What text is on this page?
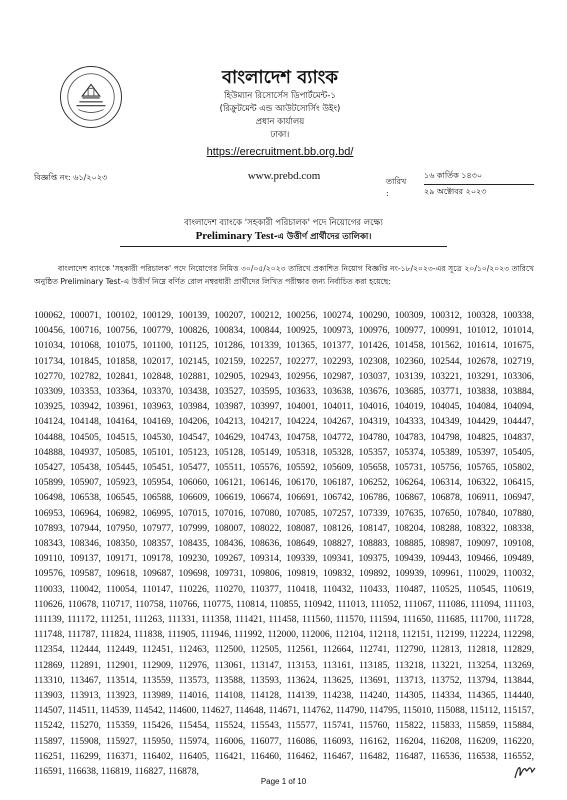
বাংলাদেশ ব্যাংক
হিউম্যান রিসোর্সেস ডিপার্টমেন্ট-১
(রিক্রুটমেন্ট এন্ড আউটসোর্সিং উইং)
প্রধান কার্যালয়
ঢাকা।
https://erecruitment.bb.org.bd/
বিজ্ঞপ্তি নং: ৬১/২০২৩	www.prebd.com	তারিখ :
১৬ কার্তিক ১৪৩০
২৯ অক্টোবর ২০২৩
বাংলাদেশ ব্যাংকে 'সহকারী পরিচালক' পদে নিয়োগের লক্ষ্যে
Preliminary Test-এ উত্তীর্ণ প্রার্থীদের তালিকা।
বাংলাদেশ ব্যাংকে 'সহকারী পরিচালক' পদে নিয়োগের নিমিত্ত ৩০/০৫/২০২৩ তারিখে প্রকাশিত নিয়োগ বিজ্ঞপ্তি নং-১৮/২০২৩-এর সূত্রে ২০/১০/২০২৩ তারিখে অনুষ্ঠিত Preliminary Test-এ উত্তীর্ণ নিম্নে বর্ণিত রোল নম্বরধারী প্রার্থীদের লিখিত পরীক্ষার জন্য নির্বাচিত করা হয়েছে:
100062, 100071, 100102, 100129, 100139, 100207, 100212, 100256, 100274, 100290, 100309, 100312, 100328, 100338, 100456, 100716, 100756, 100779, 100826, 100834, 100844, 100925, 100973, 100976, 100977, 100991, 101012, 101014, 101034, 101068, 101075, 101100, 101125, 101286, 101339, 101365, 101377, 101426, 101458, 101562, 101614, 101675, 101734, 101845, 101858, 102017, 102145, 102159, 102257, 102277, 102293, 102308, 102360, 102544, 102678, 102719, 102770, 102782, 102841, 102848, 102881, 102905, 102943, 102956, 102987, 103037, 103139, 103221, 103291, 103306, 103309, 103353, 103364, 103370, 103438, 103527, 103595, 103633, 103638, 103676, 103685, 103771, 103838, 103884, 103925, 103942, 103961, 103963, 103984, 103987, 103997, 104001, 104011, 104016, 104019, 104045, 104084, 104094, 104124, 104148, 104164, 104169, 104206, 104213, 104217, 104224, 104267, 104319, 104333, 104349, 104429, 104447, 104488, 104505, 104515, 104530, 104547, 104629, 104743, 104758, 104772, 104780, 104783, 104798, 104825, 104837, 104888, 104937, 105085, 105101, 105123, 105128, 105149, 105318, 105328, 105357, 105374, 105389, 105397, 105405, 105427, 105438, 105445, 105451, 105477, 105511, 105576, 105592, 105609, 105658, 105731, 105756, 105765, 105802, 105899, 105907, 105923, 105954, 106060, 106121, 106146, 106170, 106187, 106252, 106264, 106314, 106322, 106415, 106498, 106538, 106545, 106588, 106609, 106619, 106674, 106691, 106742, 106786, 106867, 106878, 106911, 106947, 106953, 106964, 106982, 106995, 107015, 107016, 107080, 107085, 107257, 107339, 107635, 107650, 107840, 107880, 107893, 107944, 107950, 107977, 107999, 108007, 108022, 108087, 108126, 108147, 108204, 108288, 108322, 108338, 108343, 108346, 108350, 108357, 108435, 108436, 108636, 108649, 108827, 108883, 108885, 108987, 109097, 109108, 109110, 109137, 109171, 109178, 109230, 109267, 109314, 109339, 109341, 109375, 109439, 109443, 109466, 109489, 109576, 109587, 109618, 109687, 109698, 109731, 109806, 109819, 109832, 109892, 109939, 109961, 110029, 110032, 110033, 110042, 110054, 110147, 110226, 110270, 110377, 110418, 110432, 110433, 110487, 110525, 110545, 110619, 110626, 110678, 110717, 110758, 110766, 110775, 110814, 110855, 110942, 111013, 111052, 111067, 111086, 111094, 111103, 111139, 111172, 111251, 111263, 111331, 111358, 111421, 111458, 111560, 111570, 111594, 111650, 111685, 111700, 111728, 111748, 111787, 111824, 111838, 111905, 111946, 111992, 112000, 112006, 112104, 112118, 112151, 112199, 112224, 112298, 112354, 112444, 112449, 112451, 112463, 112500, 112505, 112561, 112664, 112741, 112790, 112813, 112818, 112829, 112869, 112891, 112901, 112909, 112976, 113061, 113147, 113153, 113161, 113185, 113218, 113221, 113254, 113269, 113310, 113467, 113514, 113559, 113573, 113588, 113593, 113624, 113625, 113691, 113713, 113752, 113794, 113844, 113903, 113913, 113923, 113989, 114016, 114108, 114128, 114139, 114238, 114240, 114305, 114334, 114365, 114440, 114507, 114511, 114539, 114542, 114600, 114627, 114648, 114671, 114762, 114790, 114795, 115010, 115088, 115112, 115157, 115242, 115270, 115359, 115426, 115454, 115524, 115543, 115577, 115741, 115760, 115822, 115833, 115859, 115884, 115897, 115908, 115927, 115950, 115974, 116006, 116077, 116086, 116093, 116162, 116204, 116208, 116209, 116220, 116251, 116299, 116371, 116402, 116405, 116421, 116460, 116462, 116467, 116482, 116487, 116536, 116538, 116552, 116591, 116638, 116819, 116827, 116878,
Page 1 of 10
